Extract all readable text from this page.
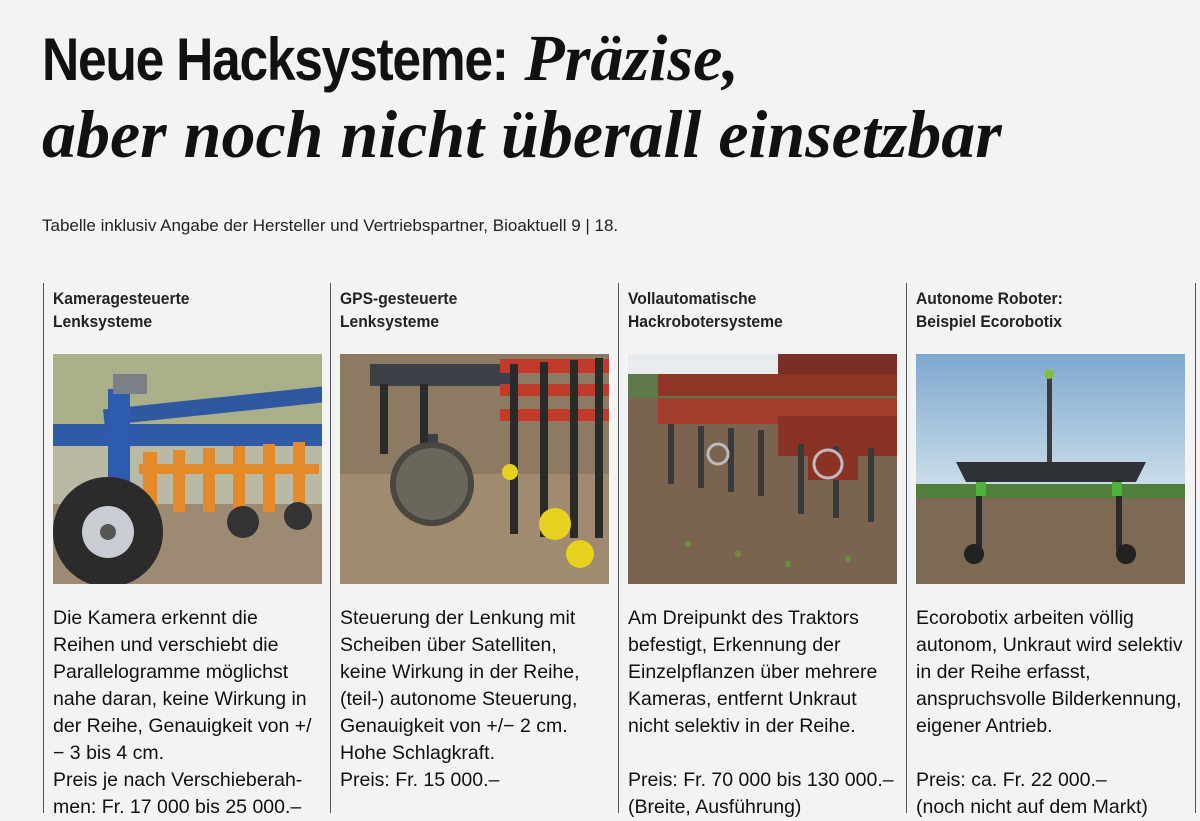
Neue Hacksysteme: Präzise,
aber noch nicht überall einsetzbar
Tabelle inklusiv Angabe der Hersteller und Vertriebspartner, Bioaktuell 9 | 18.
Kameragesteuerte
Lenksysteme

Die Kamera erkennt die Reihen und verschiebt die Parallelogramme möglichst nahe daran, keine Wirkung in der Reihe, Genauigkeit von +/− 3 bis 4 cm.

Preis je nach Verschieberah-

men: Fr. 17 000 bis 25 000.–

GPS-gesteuerte
Lenksysteme

Steuerung der Lenkung mit Scheiben über Satelliten, keine Wirkung in der Reihe, (teil-) autonome Steuerung, Genauigkeit von +/− 2 cm. Hohe Schlagkraft.

Preis: Fr. 15 000.–

Vollautomatische
Hackrobotersysteme

Am Dreipunkt des Traktors befestigt, Erkennung der Einzelpflanzen über mehrere Kameras, entfernt Unkraut nicht selektiv in der Reihe.

Preis: Fr. 70 000 bis 130 000.–

(Breite, Ausführung)

Autonome Roboter:
Beispiel Ecorobotix

Ecorobotix arbeiten völlig autonom, Unkraut wird selektiv in der Reihe erfasst, anspruchsvolle Bilderkennung, eigener Antrieb.

Preis: ca. Fr. 22 000.–

(noch nicht auf dem Markt)
